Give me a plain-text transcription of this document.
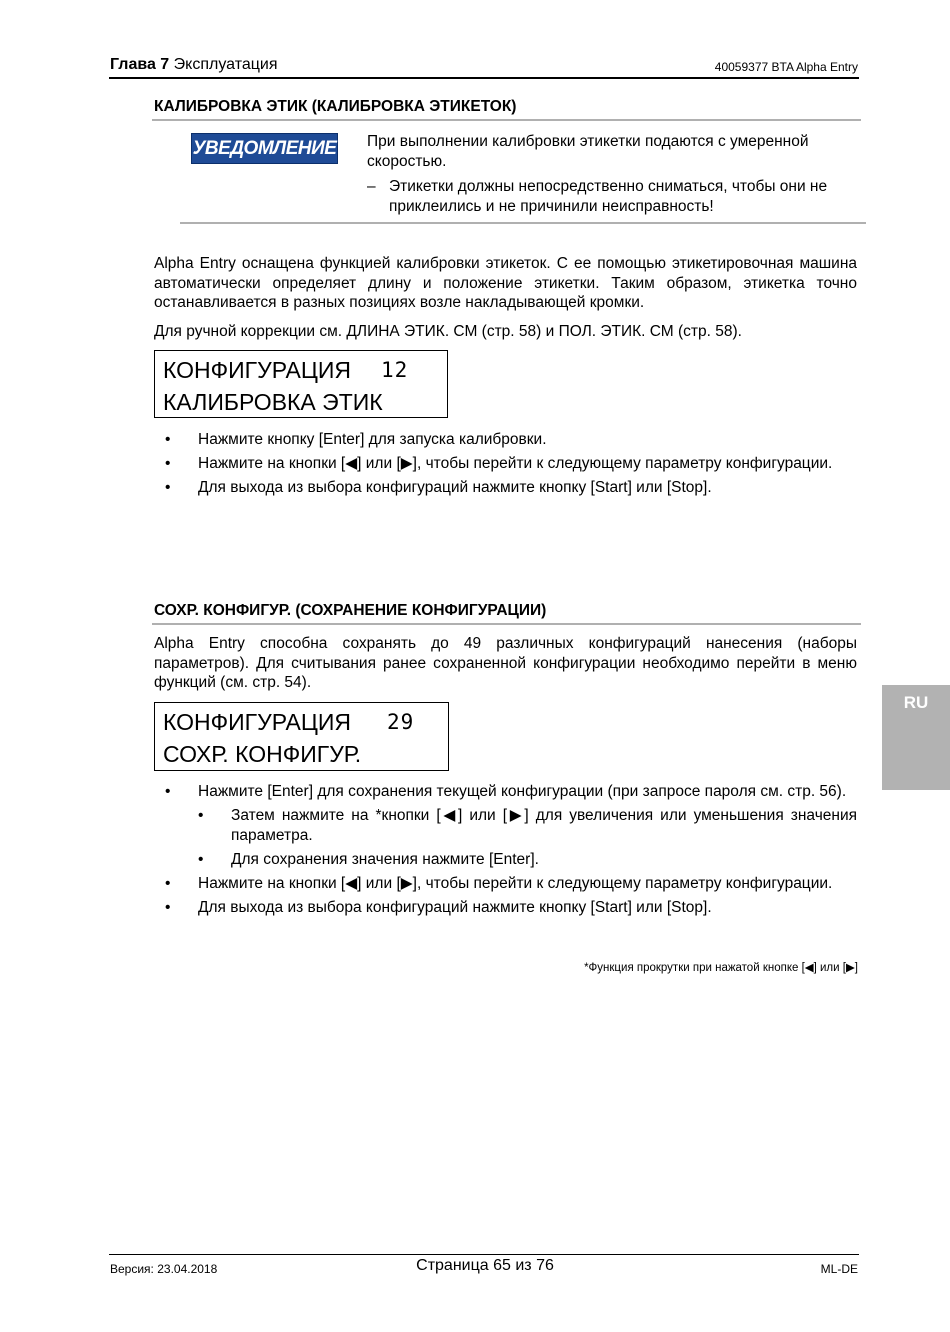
Глава 7 Эксплуатация	40059377 BTA Alpha Entry
КАЛИБРОВКА ЭТИК (КАЛИБРОВКА ЭТИКЕТОК)
УВЕДОМЛЕНИЕ При выполнении калибровки этикетки подаются с умеренной скоростью.
– Этикетки должны непосредственно сниматься, чтобы они не приклеились и не причинили неисправность!
Alpha Entry оснащена функцией калибровки этикеток. С ее помощью этикетировочная машина автоматически определяет длину и положение этикетки. Таким образом, этикетка точно останавливается в разных позициях возле накладывающей кромки.
Для ручной коррекции см. ДЛИНА ЭТИК. СМ (стр. 58) и ПОЛ. ЭТИК. СМ (стр. 58).
КОНФИГУРАЦИЯ 12
КАЛИБРОВКА ЭТИК
•	Нажмите кнопку [Enter] для запуска калибровки.
•	Нажмите на кнопки [◀] или [▶], чтобы перейти к следующему параметру конфигурации.
•	Для выхода из выбора конфигураций нажмите кнопку [Start] или [Stop].
СОХР. КОНФИГУР. (СОХРАНЕНИЕ КОНФИГУРАЦИИ)
Alpha Entry способна сохранять до 49 различных конфигураций нанесения (наборы параметров). Для считывания ранее сохраненной конфигурации необходимо перейти в меню функций (см. стр. 54).
КОНФИГУРАЦИЯ 29
СОХР. КОНФИГУР.
•	Нажмите [Enter] для сохранения текущей конфигурации (при запросе пароля см. стр. 56).
•	Затем нажмите на *кнопки [◀] или [▶] для увеличения или уменьшения значения параметра.
•	Для сохранения значения нажмите [Enter].
•	Нажмите на кнопки [◀] или [▶], чтобы перейти к следующему параметру конфигурации.
•	Для выхода из выбора конфигураций нажмите кнопку [Start] или [Stop].
*Функция прокрутки при нажатой кнопке [◀] или [▶]
RU
Версия: 23.04.2018	Страница 65 из 76	ML-DE
